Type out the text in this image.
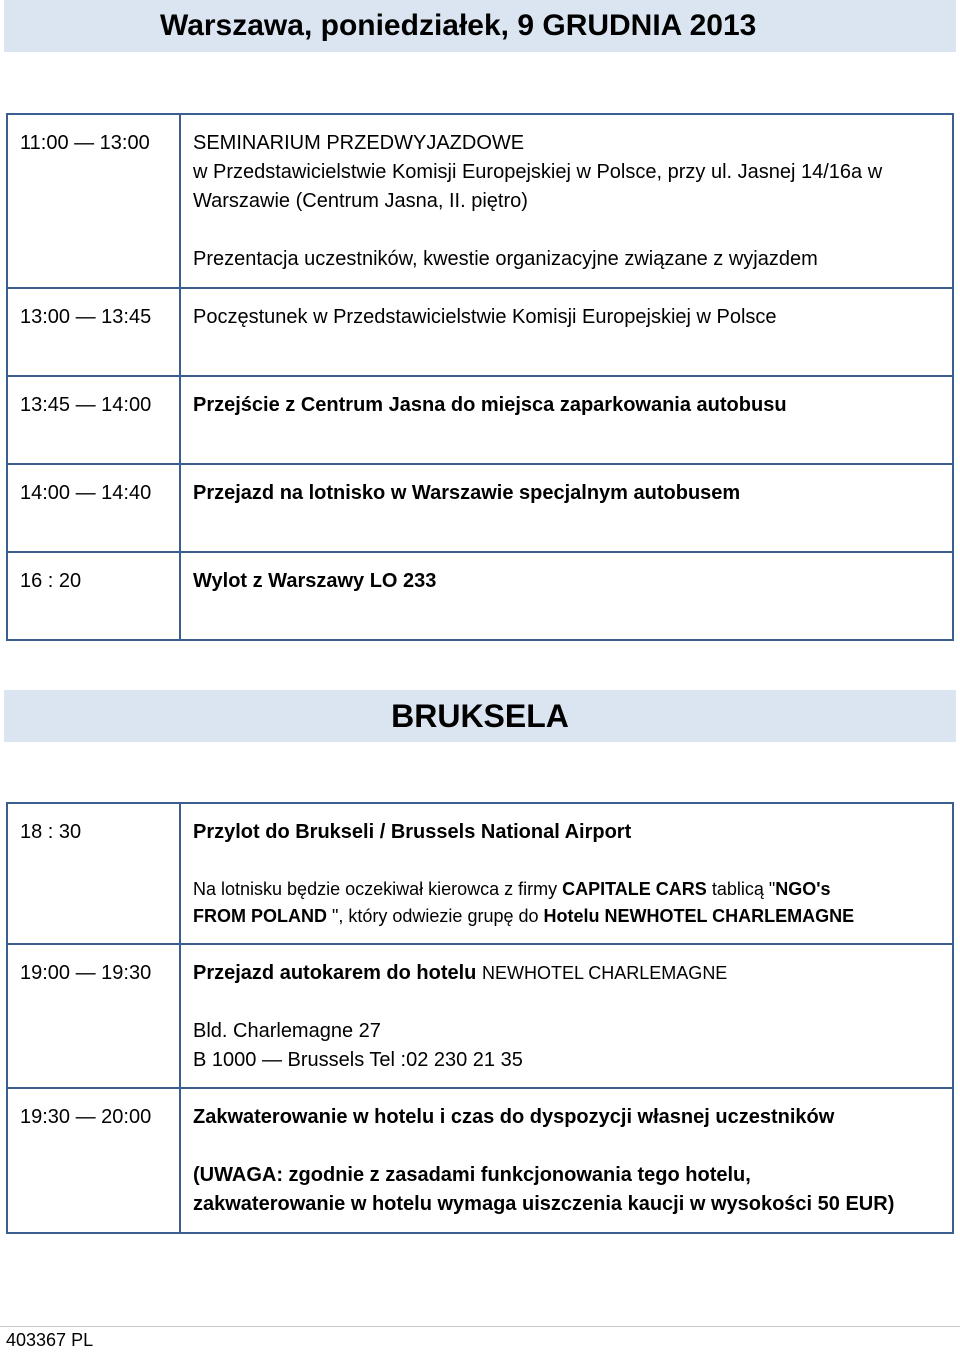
Warszawa, poniedziałek, 9 GRUDNIA 2013
11:00 — 13:00	SEMINARIUM PRZEDWYJAZDOWE
w Przedstawicielstwie Komisji Europejskiej w Polsce, przy ul. Jasnej 14/16a w Warszawie (Centrum Jasna, II. piętro)
Prezentacja uczestników, kwestie organizacyjne związane z wyjazdem
13:00 — 13:45	Poczęstunek w Przedstawicielstwie Komisji Europejskiej w Polsce
13:45 — 14:00	Przejście z Centrum Jasna do miejsca zaparkowania autobusu
14:00 — 14:40	Przejazd na lotnisko w Warszawie specjalnym autobusem
16 : 20	Wylot z Warszawy LO 233
BRUKSELA
18 : 30	Przylot do Brukseli / Brussels National Airport
Na lotnisku będzie oczekiwał kierowca z firmy CAPITALE CARS tablicą "NGO's
FROM POLAND ", który odwiezie grupę do Hotelu NEWHOTEL CHARLEMAGNE

19:00 — 19:30	Przejazd autokarem do hotelu NEWHOTEL CHARLEMAGNE
Bld. Charlemagne 27
B 1000 — Brussels Tel :02 230 21 35
19:30 — 20:00	Zakwaterowanie w hotelu i czas do dyspozycji własnej uczestników
(UWAGA: zgodnie z zasadami funkcjonowania tego hotelu,
zakwaterowanie w hotelu wymaga uiszczenia kaucji w wysokości 50 EUR)
403367 PL
